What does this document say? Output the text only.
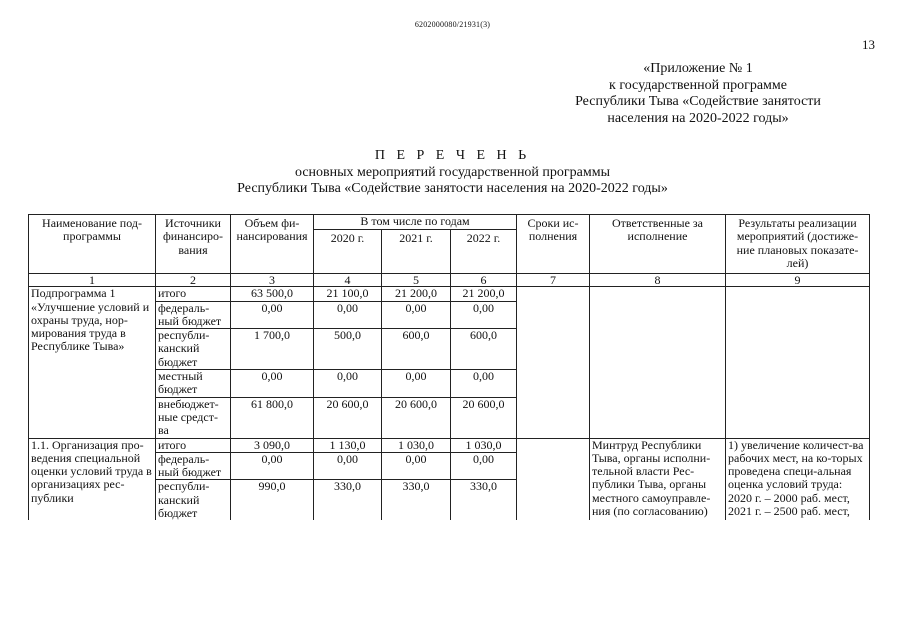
6202000080/21931(3)
13
«Приложение № 1
к государственной программе
Республики Тыва «Содействие занятости
населения на 2020-2022 годы»
П Е Р Е Ч Е Н Ь
основных мероприятий государственной программы
Республики Тыва «Содействие занятости населения на 2020-2022 годы»
Наименование под-программы	Источники финансиро-вания	Объем фи-нансирования	В том числе по годам			Сроки ис-полнения	Ответственные за исполнение	Результаты реализации мероприятий (достиже-ние плановых показате-лей)
			2020 г.	2021 г.	2022 г.			
1	2	3	4	5	6	7	8	9
Подпрограмма 1 «Улучшение условий и охраны труда, нор-мирования труда в Республике Тыва»	итого	63 500,0	21 100,0	21 200,0	21 200,0			
	федераль-ный бюджет	0,00	0,00	0,00	0,00			
	республи-канский бюджет	1 700,0	500,0	600,0	600,0			
	местный бюджет	0,00	0,00	0,00	0,00			
	внебюджет-ные средст-ва	61 800,0	20 600,0	20 600,0	20 600,0			
1.1. Организация про-ведения специальной оценки условий труда в организациях рес-публики	итого	3 090,0	1 130,0	1 030,0	1 030,0		Минтруд Республики Тыва, органы исполни-тельной власти Рес-публики Тыва, органы местного самоуправле-ния (по согласованию)	1) увеличение количест-ва рабочих мест, на ко-торых проведена специ-альная оценка условий труда:
2020 г. – 2000 раб. мест,
2021 г. – 2500 раб. мест,

	федераль-ный бюджет	0,00	0,00	0,00	0,00			
	республи-канский бюджет	990,0	330,0	330,0	330,0			
